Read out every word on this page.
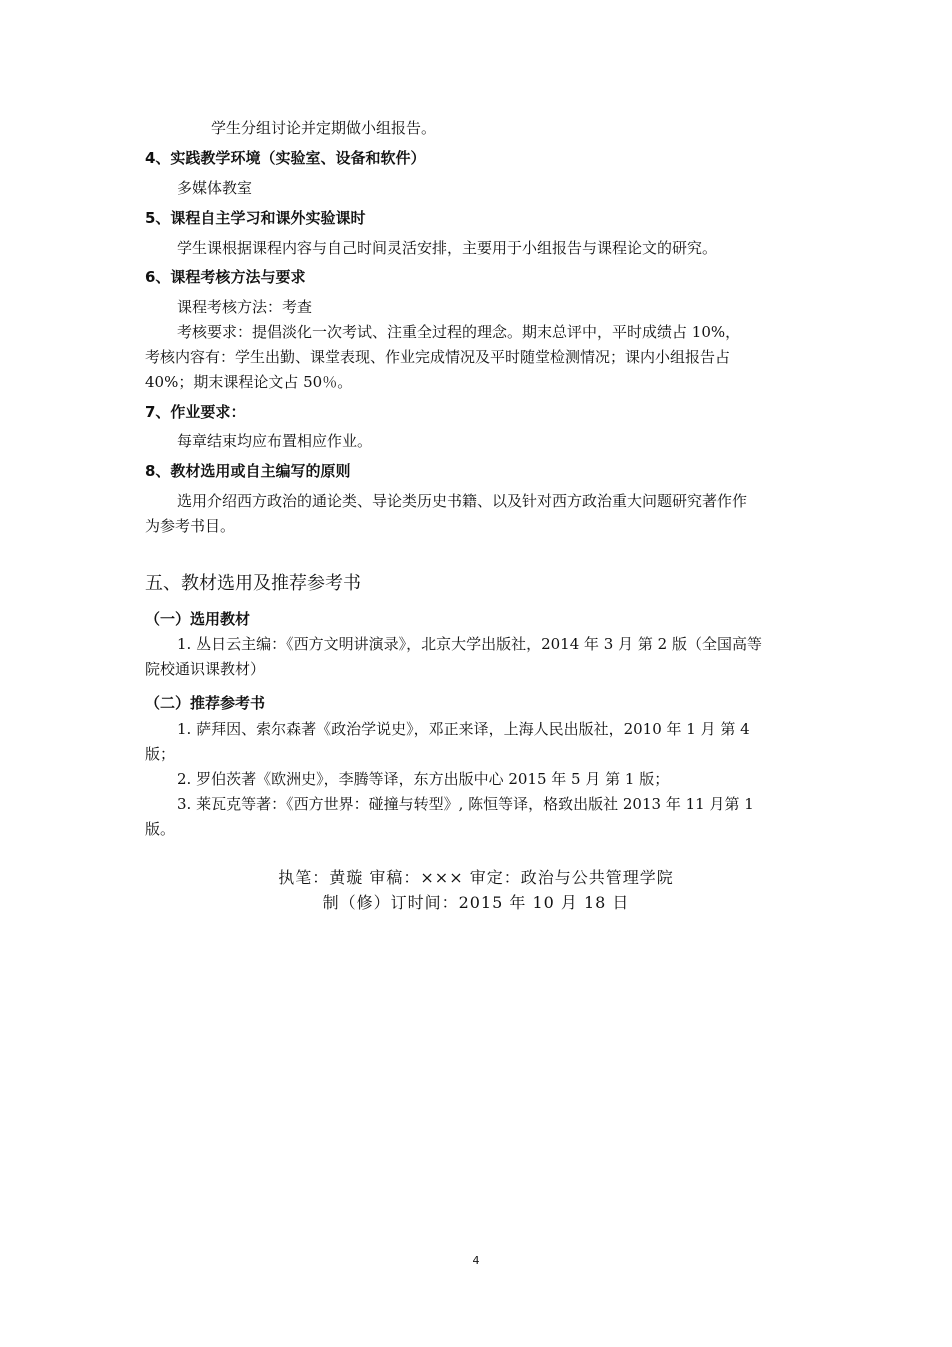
学生分组讨论并定期做小组报告。
4、实践教学环境（实验室、设备和软件）
多媒体教室
5、课程自主学习和课外实验课时
学生课根据课程内容与自己时间灵活安排，主要用于小组报告与课程论文的研究。
6、课程考核方法与要求
课程考核方法：考查
考核要求：提倡淡化一次考试、注重全过程的理念。期末总评中，平时成绩占 10%，
考核内容有：学生出勤、课堂表现、作业完成情况及平时随堂检测情况；课内小组报告占
40%；期末课程论文占 50％。
7、作业要求：
每章结束均应布置相应作业。
8、教材选用或自主编写的原则
选用介绍西方政治的通论类、导论类历史书籍、以及针对西方政治重大问题研究著作作
为参考书目。
五、教材选用及推荐参考书
（一）选用教材
1. 丛日云主编：《西方文明讲演录》，北京大学出版社，2014 年 3 月 第 2 版（全国高等
院校通识课教材）
（二）推荐参考书
1. 萨拜因、索尔森著《政治学说史》，邓正来译，上海人民出版社，2010 年 1 月 第 4
版；
2. 罗伯茨著《欧洲史》，李腾等译，东方出版中心 2015 年 5 月 第 1 版；
3. 莱瓦克等著：《西方世界：碰撞与转型》, 陈恒等译，格致出版社 2013 年 11 月第 1
版。
执笔：黄璇 审稿：××× 审定：政治与公共管理学院
制（修）订时间：2015 年 10 月 18 日
4
